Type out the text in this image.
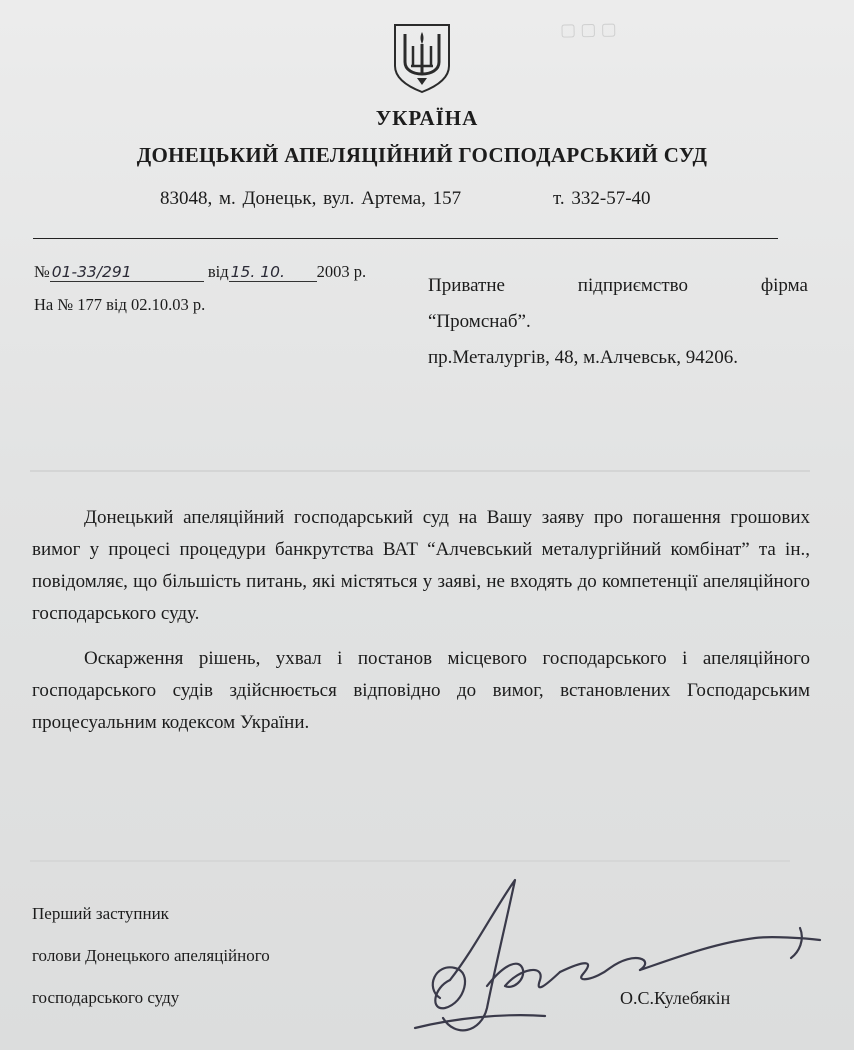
▢ ▢ ▢
УКРАЇНА
ДОНЕЦЬКИЙ АПЕЛЯЦІЙНИЙ ГОСПОДАРСЬКИЙ СУД
83048, м. Донецьк, вул. Артема, 157	т. 332-57-40
№ 01-33/291	від 15. 10. 2003 р.
На № 177 від 02.10.03 р.
Приватне	підприємство	фірма
“Промснаб”.
пр.Металургів, 48, м.Алчевськ, 94206.

Донецький апеляційний господарський суд на Вашу заяву про погашення грошових вимог у процесі процедури банкрутства ВАТ “Алчевський металургійний комбінат” та ін., повідомляє, що більшість питань, які містяться у заяві, не входять до компетенції апеляційного господарського суду.

Оскарження рішень, ухвал і постанов місцевого господарського і апеляційного господарського судів здійснюється відповідно до вимог, встановлених Господарським процесуальним кодексом України.

Перший заступник
голови Донецького апеляційного
господарського суду	О.С.Кулебякін
